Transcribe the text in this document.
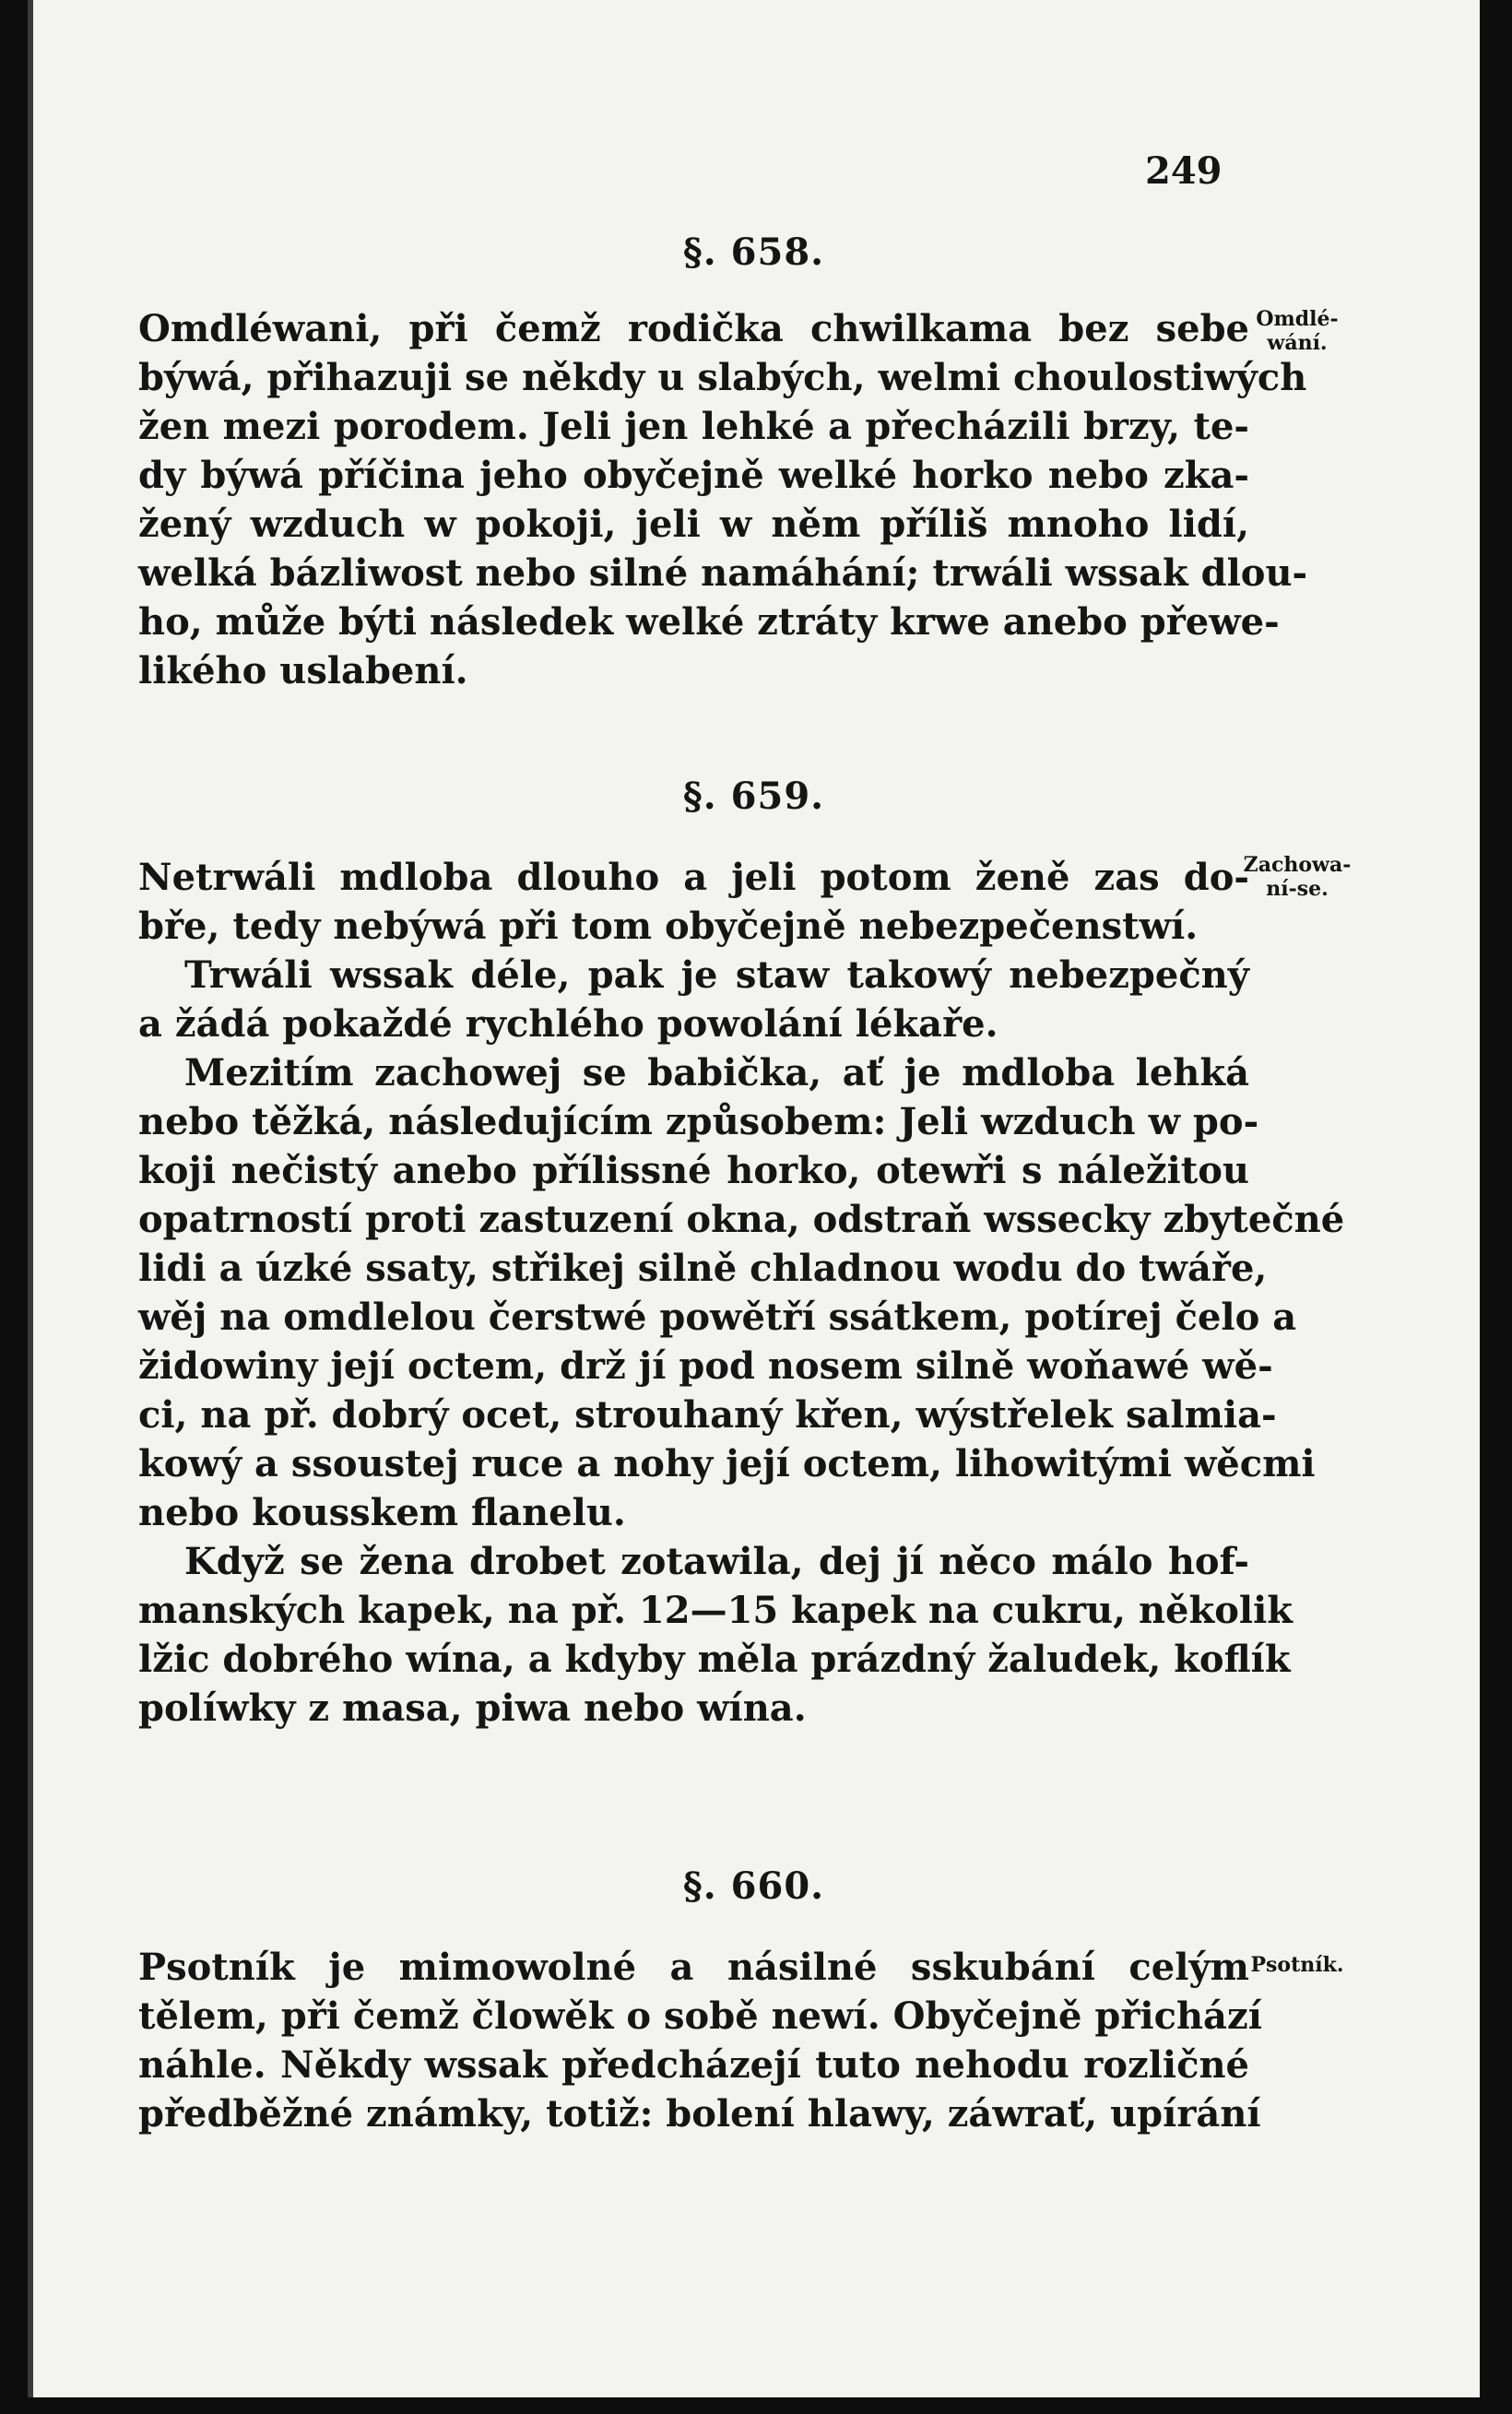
249
§. 658.
Omdlé-
wání.
Omdléwani, při čemž rodička chwilkama bez sebe
býwá, přihazuji se někdy u slabých, welmi choulostiwých
žen mezi porodem. Jeli jen lehké a přecházili brzy, te-
dy býwá příčina jeho obyčejně welké horko nebo zka-
žený wzduch w pokoji, jeli w něm příliš mnoho lidí,
welká bázliwost nebo silné namáhání; trwáli wssak dlou-
ho, může býti následek welké ztráty krwe anebo přewe-
likého uslabení.
§. 659.
Zachowa-
ní-se.
Netrwáli mdloba dlouho a jeli potom ženě zas do-
bře, tedy nebýwá při tom obyčejně nebezpečenstwí.
Trwáli wssak déle, pak je staw takowý nebezpečný
a žádá pokaždé rychlého powolání lékaře.
Mezitím zachowej se babička, ať je mdloba lehká
nebo těžká, následujícím způsobem: Jeli wzduch w po-
koji nečistý anebo přílissné horko, otewři s náležitou
opatrností proti zastuzení okna, odstraň wssecky zbytečné
lidi a úzké ssaty, střikej silně chladnou wodu do twáře,
wěj na omdlelou čerstwé powětří ssátkem, potírej čelo a
židowiny její octem, drž jí pod nosem silně woňawé wě-
ci, na př. dobrý ocet, strouhaný křen, wýstřelek salmia-
kowý a ssoustej ruce a nohy její octem, lihowitými wěcmi
nebo kousskem flanelu.
Když se žena drobet zotawila, dej jí něco málo hof-
manských kapek, na př. 12—15 kapek na cukru, několik
lžic dobrého wína, a kdyby měla prázdný žaludek, koflík
políwky z masa, piwa nebo wína.
§. 660.
Psotník.
Psotník je mimowolné a násilné sskubání celým
tělem, při čemž člowěk o sobě newí. Obyčejně přichází
náhle. Někdy wssak předcházejí tuto nehodu rozličné
předběžné známky, totiž: bolení hlawy, záwrať, upírání
